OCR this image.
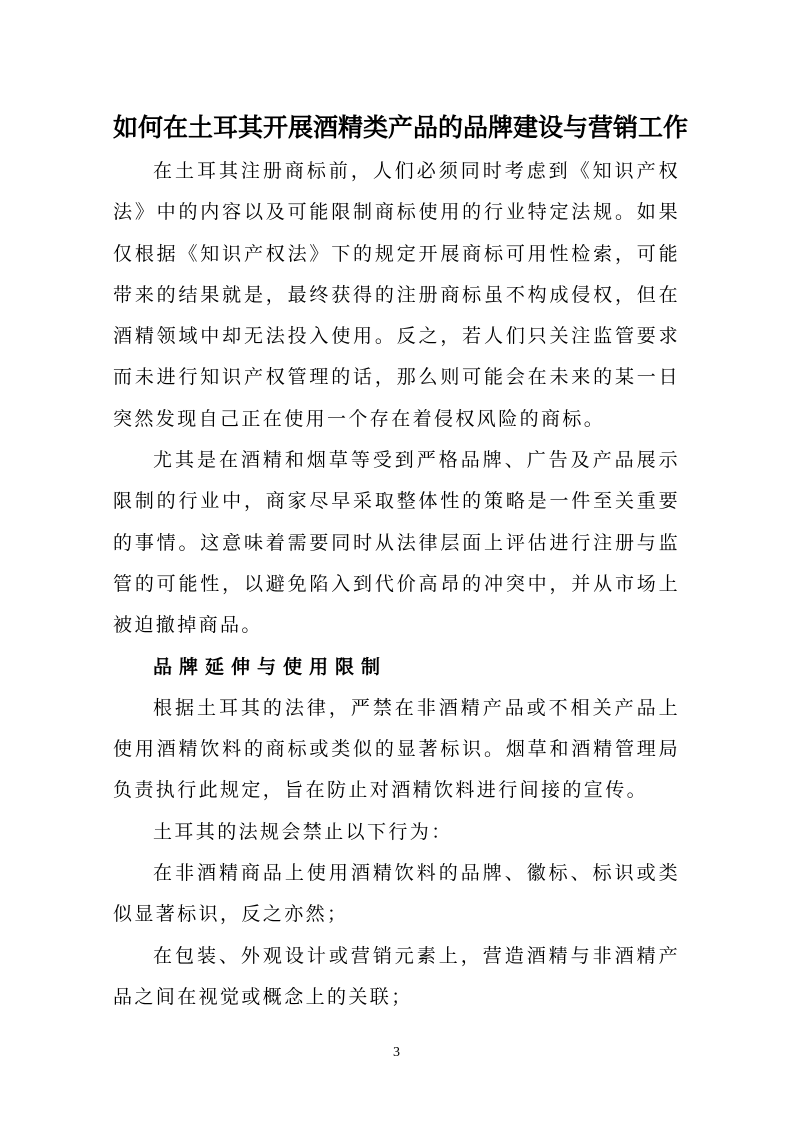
如何在土耳其开展酒精类产品的品牌建设与营销工作

在土耳其注册商标前，人们必须同时考虑到《知识产权
法》中的内容以及可能限制商标使用的行业特定法规。如果
仅根据《知识产权法》下的规定开展商标可用性检索，可能
带来的结果就是，最终获得的注册商标虽不构成侵权，但在
酒精领域中却无法投入使用。反之，若人们只关注监管要求
而未进行知识产权管理的话，那么则可能会在未来的某一日
突然发现自己正在使用一个存在着侵权风险的商标。

尤其是在酒精和烟草等受到严格品牌、广告及产品展示
限制的行业中，商家尽早采取整体性的策略是一件至关重要
的事情。这意味着需要同时从法律层面上评估进行注册与监
管的可能性，以避免陷入到代价高昂的冲突中，并从市场上
被迫撤掉商品。

品牌延伸与使用限制

根据土耳其的法律，严禁在非酒精产品或不相关产品上
使用酒精饮料的商标或类似的显著标识。烟草和酒精管理局
负责执行此规定，旨在防止对酒精饮料进行间接的宣传。

土耳其的法规会禁止以下行为：

在非酒精商品上使用酒精饮料的品牌、徽标、标识或类
似显著标识，反之亦然；

在包装、外观设计或营销元素上，营造酒精与非酒精产
品之间在视觉或概念上的关联；

3
